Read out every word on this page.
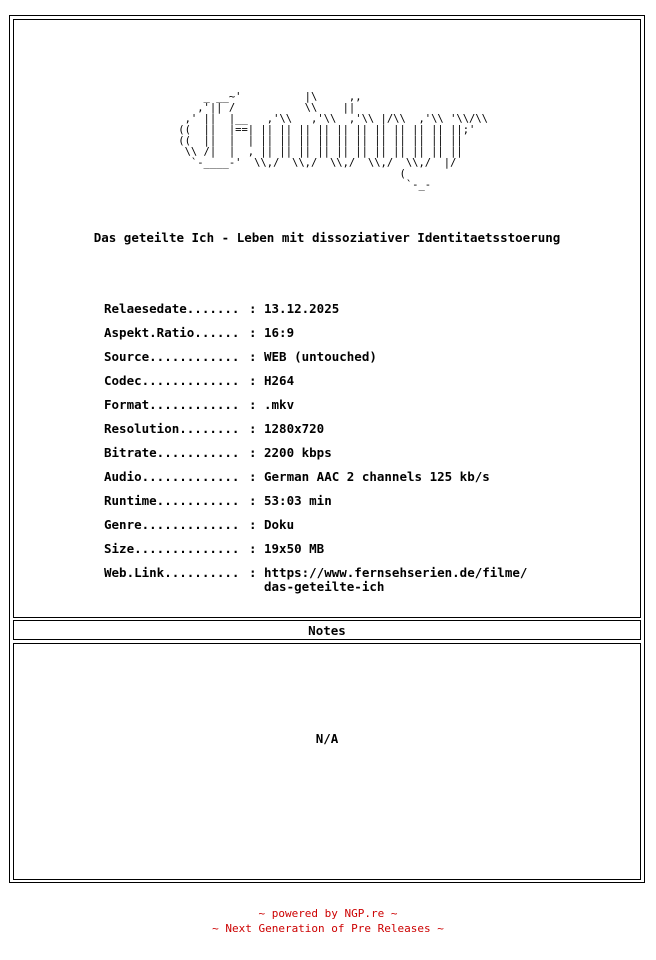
_ __~'          |\     ,,
,'|| /           \\    ||
,' ||  |__   ,'\\   ,'\\  ,'\\ |/\\  ,'\\ '\\/\\
((  ||  |==| || || || || || || || || || || ||;'
((  ||  |  | || || || || || || || || || || ||
\\ /|  |  , || || || || || || || || || || ||
`-____-'  \\,/  \\,/  \\,/  \\,/  \\,/  |/
(
`-_-
Das geteilte Ich - Leben mit dissoziativer Identitaetsstoerung
Relaesedate....... : 13.12.2025
Aspekt.Ratio...... : 16:9
Source............ : WEB (untouched)
Codec............. : H264
Format............ : .mkv
Resolution........ : 1280x720
Bitrate........... : 2200 kbps
Audio............. : German AAC 2 channels 125 kb/s
Runtime........... : 53:03 min
Genre............. : Doku
Size.............. : 19x50 MB
Web.Link.......... : https://www.fernsehserien.de/filme/
das-geteilte-ich
Notes
N/A
~ powered by NGP.re ~
~ Next Generation of Pre Releases ~
